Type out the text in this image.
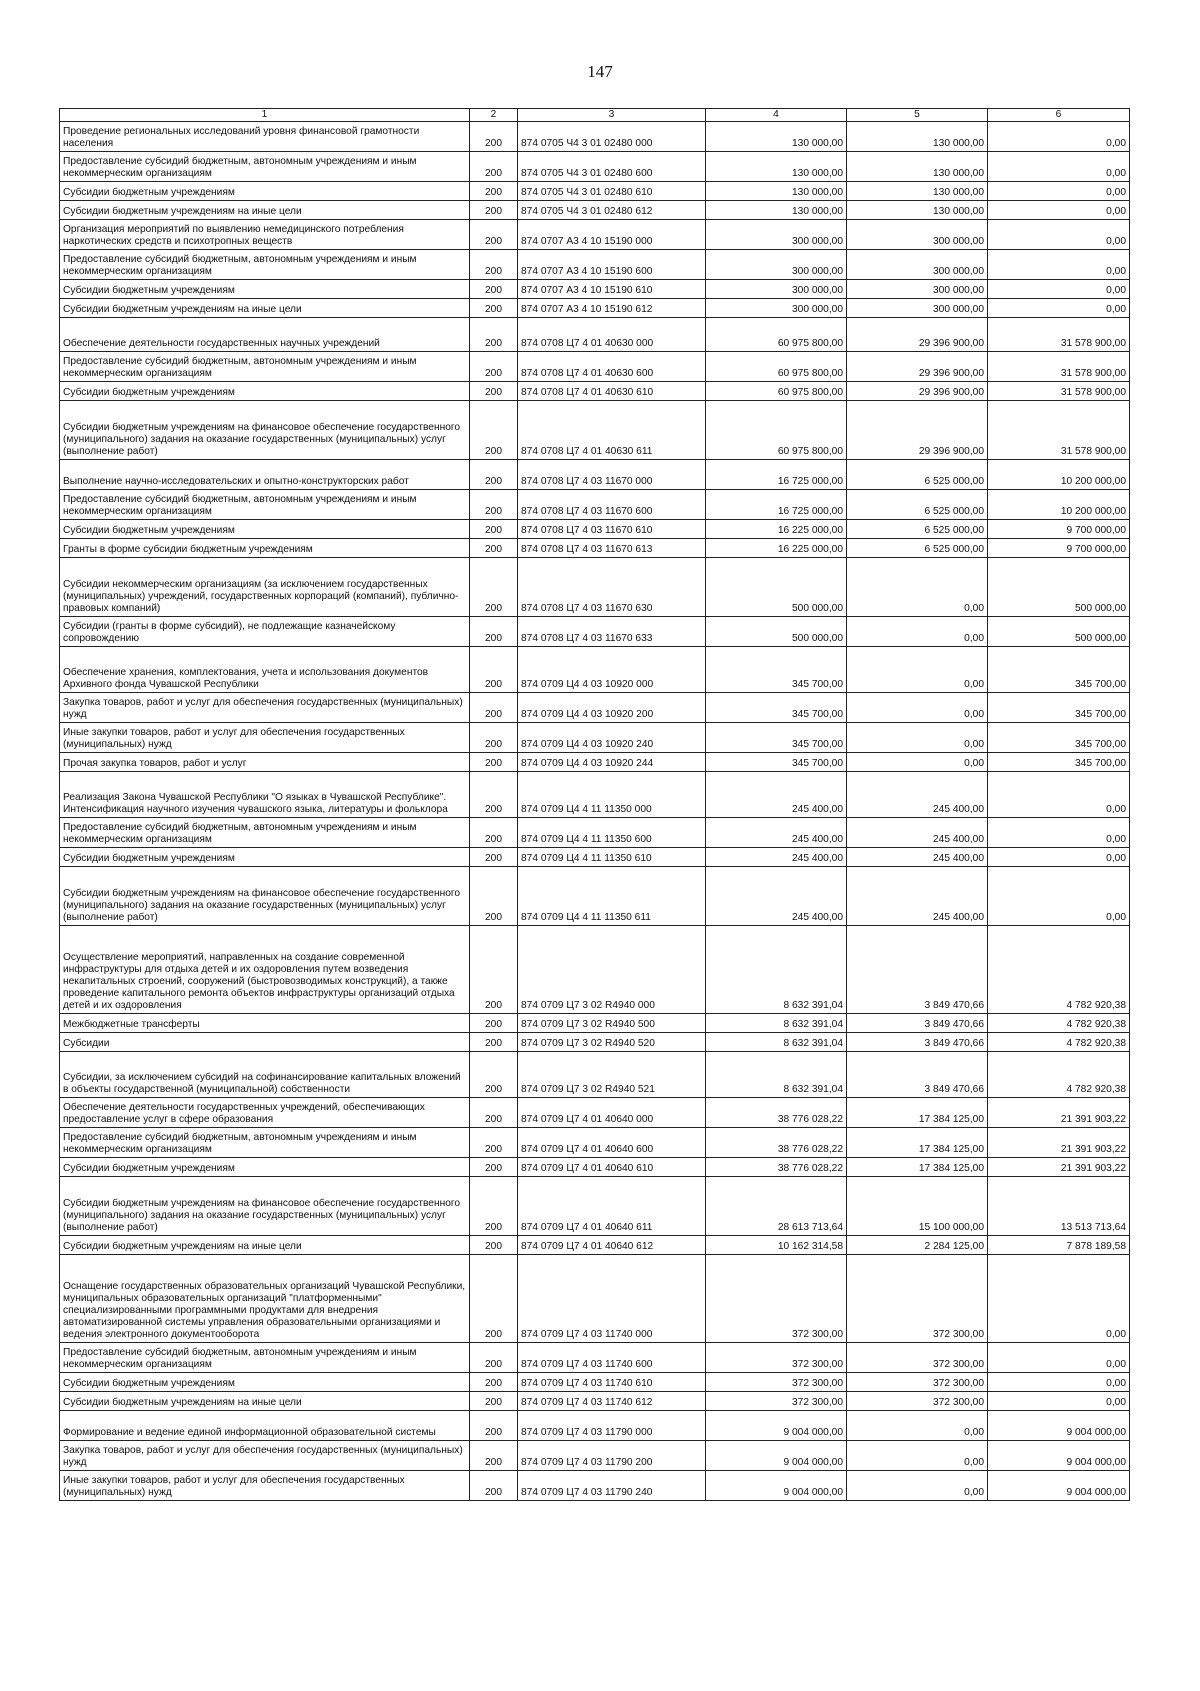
147
1	2	3	4	5	6
Проведение региональных исследований уровня финансовой грамотности населения	200	874 0705 Ч4 3 01 02480 000	130 000,00	130 000,00	0,00
Предоставление субсидий бюджетным, автономным учреждениям и иным некоммерческим организациям	200	874 0705 Ч4 3 01 02480 600	130 000,00	130 000,00	0,00
Субсидии бюджетным учреждениям	200	874 0705 Ч4 3 01 02480 610	130 000,00	130 000,00	0,00
Субсидии бюджетным учреждениям на иные цели	200	874 0705 Ч4 3 01 02480 612	130 000,00	130 000,00	0,00
Организация мероприятий по выявлению немедицинского потребления наркотических средств и психотропных веществ	200	874 0707 А3 4 10 15190 000	300 000,00	300 000,00	0,00
Предоставление субсидий бюджетным, автономным учреждениям и иным некоммерческим организациям	200	874 0707 А3 4 10 15190 600	300 000,00	300 000,00	0,00
Субсидии бюджетным учреждениям	200	874 0707 А3 4 10 15190 610	300 000,00	300 000,00	0,00
Субсидии бюджетным учреждениям на иные цели	200	874 0707 А3 4 10 15190 612	300 000,00	300 000,00	0,00
Обеспечение деятельности государственных научных учреждений	200	874 0708 Ц7 4 01 40630 000	60 975 800,00	29 396 900,00	31 578 900,00
Предоставление субсидий бюджетным, автономным учреждениям и иным некоммерческим организациям	200	874 0708 Ц7 4 01 40630 600	60 975 800,00	29 396 900,00	31 578 900,00
Субсидии бюджетным учреждениям	200	874 0708 Ц7 4 01 40630 610	60 975 800,00	29 396 900,00	31 578 900,00
Субсидии бюджетным учреждениям на финансовое обеспечение государственного (муниципального) задания на оказание государственных (муниципальных) услуг (выполнение работ)	200	874 0708 Ц7 4 01 40630 611	60 975 800,00	29 396 900,00	31 578 900,00
Выполнение научно-исследовательских и опытно-конструкторских работ	200	874 0708 Ц7 4 03 11670 000	16 725 000,00	6 525 000,00	10 200 000,00
Предоставление субсидий бюджетным, автономным учреждениям и иным некоммерческим организациям	200	874 0708 Ц7 4 03 11670 600	16 725 000,00	6 525 000,00	10 200 000,00
Субсидии бюджетным учреждениям	200	874 0708 Ц7 4 03 11670 610	16 225 000,00	6 525 000,00	9 700 000,00
Гранты в форме субсидии бюджетным учреждениям	200	874 0708 Ц7 4 03 11670 613	16 225 000,00	6 525 000,00	9 700 000,00
Субсидии некоммерческим организациям (за исключением государственных (муниципальных) учреждений, государственных корпораций (компаний), публично-правовых компаний)	200	874 0708 Ц7 4 03 11670 630	500 000,00	0,00	500 000,00
Субсидии (гранты в форме субсидий), не подлежащие казначейскому сопровождению	200	874 0708 Ц7 4 03 11670 633	500 000,00	0,00	500 000,00
Обеспечение хранения, комплектования, учета и использования документов Архивного фонда Чувашской Республики	200	874 0709 Ц4 4 03 10920 000	345 700,00	0,00	345 700,00
Закупка товаров, работ и услуг для обеспечения государственных (муниципальных) нужд	200	874 0709 Ц4 4 03 10920 200	345 700,00	0,00	345 700,00
Иные закупки товаров, работ и услуг для обеспечения государственных (муниципальных) нужд	200	874 0709 Ц4 4 03 10920 240	345 700,00	0,00	345 700,00
Прочая закупка товаров, работ и услуг	200	874 0709 Ц4 4 03 10920 244	345 700,00	0,00	345 700,00
Реализация Закона Чувашской Республики "О языках в Чувашской Республике". Интенсификация научного изучения чувашского языка, литературы и фольклора	200	874 0709 Ц4 4 11 11350 000	245 400,00	245 400,00	0,00
Предоставление субсидий бюджетным, автономным учреждениям и иным некоммерческим организациям	200	874 0709 Ц4 4 11 11350 600	245 400,00	245 400,00	0,00
Субсидии бюджетным учреждениям	200	874 0709 Ц4 4 11 11350 610	245 400,00	245 400,00	0,00
Субсидии бюджетным учреждениям на финансовое обеспечение государственного (муниципального) задания на оказание государственных (муниципальных) услуг (выполнение работ)	200	874 0709 Ц4 4 11 11350 611	245 400,00	245 400,00	0,00
Осуществление мероприятий, направленных на создание современной инфраструктуры для отдыха детей и их оздоровления путем возведения некапитальных строений, сооружений (быстровозводимых конструкций), а также проведение капитального ремонта объектов инфраструктуры организаций отдыха детей и их оздоровления	200	874 0709 Ц7 3 02 R4940 000	8 632 391,04	3 849 470,66	4 782 920,38
Межбюджетные трансферты	200	874 0709 Ц7 3 02 R4940 500	8 632 391,04	3 849 470,66	4 782 920,38
Субсидии	200	874 0709 Ц7 3 02 R4940 520	8 632 391,04	3 849 470,66	4 782 920,38
Субсидии, за исключением субсидий на софинансирование капитальных вложений в объекты государственной (муниципальной) собственности	200	874 0709 Ц7 3 02 R4940 521	8 632 391,04	3 849 470,66	4 782 920,38
Обеспечение деятельности государственных учреждений, обеспечивающих предоставление услуг в сфере образования	200	874 0709 Ц7 4 01 40640 000	38 776 028,22	17 384 125,00	21 391 903,22
Предоставление субсидий бюджетным, автономным учреждениям и иным некоммерческим организациям	200	874 0709 Ц7 4 01 40640 600	38 776 028,22	17 384 125,00	21 391 903,22
Субсидии бюджетным учреждениям	200	874 0709 Ц7 4 01 40640 610	38 776 028,22	17 384 125,00	21 391 903,22
Субсидии бюджетным учреждениям на финансовое обеспечение государственного (муниципального) задания на оказание государственных (муниципальных) услуг (выполнение работ)	200	874 0709 Ц7 4 01 40640 611	28 613 713,64	15 100 000,00	13 513 713,64
Субсидии бюджетным учреждениям на иные цели	200	874 0709 Ц7 4 01 40640 612	10 162 314,58	2 284 125,00	7 878 189,58
Оснащение государственных образовательных организаций Чувашской Республики, муниципальных образовательных организаций "платформенными" специализированными программными продуктами для внедрения автоматизированной системы управления образовательными организациями и ведения электронного документооборота	200	874 0709 Ц7 4 03 11740 000	372 300,00	372 300,00	0,00
Предоставление субсидий бюджетным, автономным учреждениям и иным некоммерческим организациям	200	874 0709 Ц7 4 03 11740 600	372 300,00	372 300,00	0,00
Субсидии бюджетным учреждениям	200	874 0709 Ц7 4 03 11740 610	372 300,00	372 300,00	0,00
Субсидии бюджетным учреждениям на иные цели	200	874 0709 Ц7 4 03 11740 612	372 300,00	372 300,00	0,00
Формирование и ведение единой информационной образовательной системы	200	874 0709 Ц7 4 03 11790 000	9 004 000,00	0,00	9 004 000,00
Закупка товаров, работ и услуг для обеспечения государственных (муниципальных) нужд	200	874 0709 Ц7 4 03 11790 200	9 004 000,00	0,00	9 004 000,00
Иные закупки товаров, работ и услуг для обеспечения государственных (муниципальных) нужд	200	874 0709 Ц7 4 03 11790 240	9 004 000,00	0,00	9 004 000,00
